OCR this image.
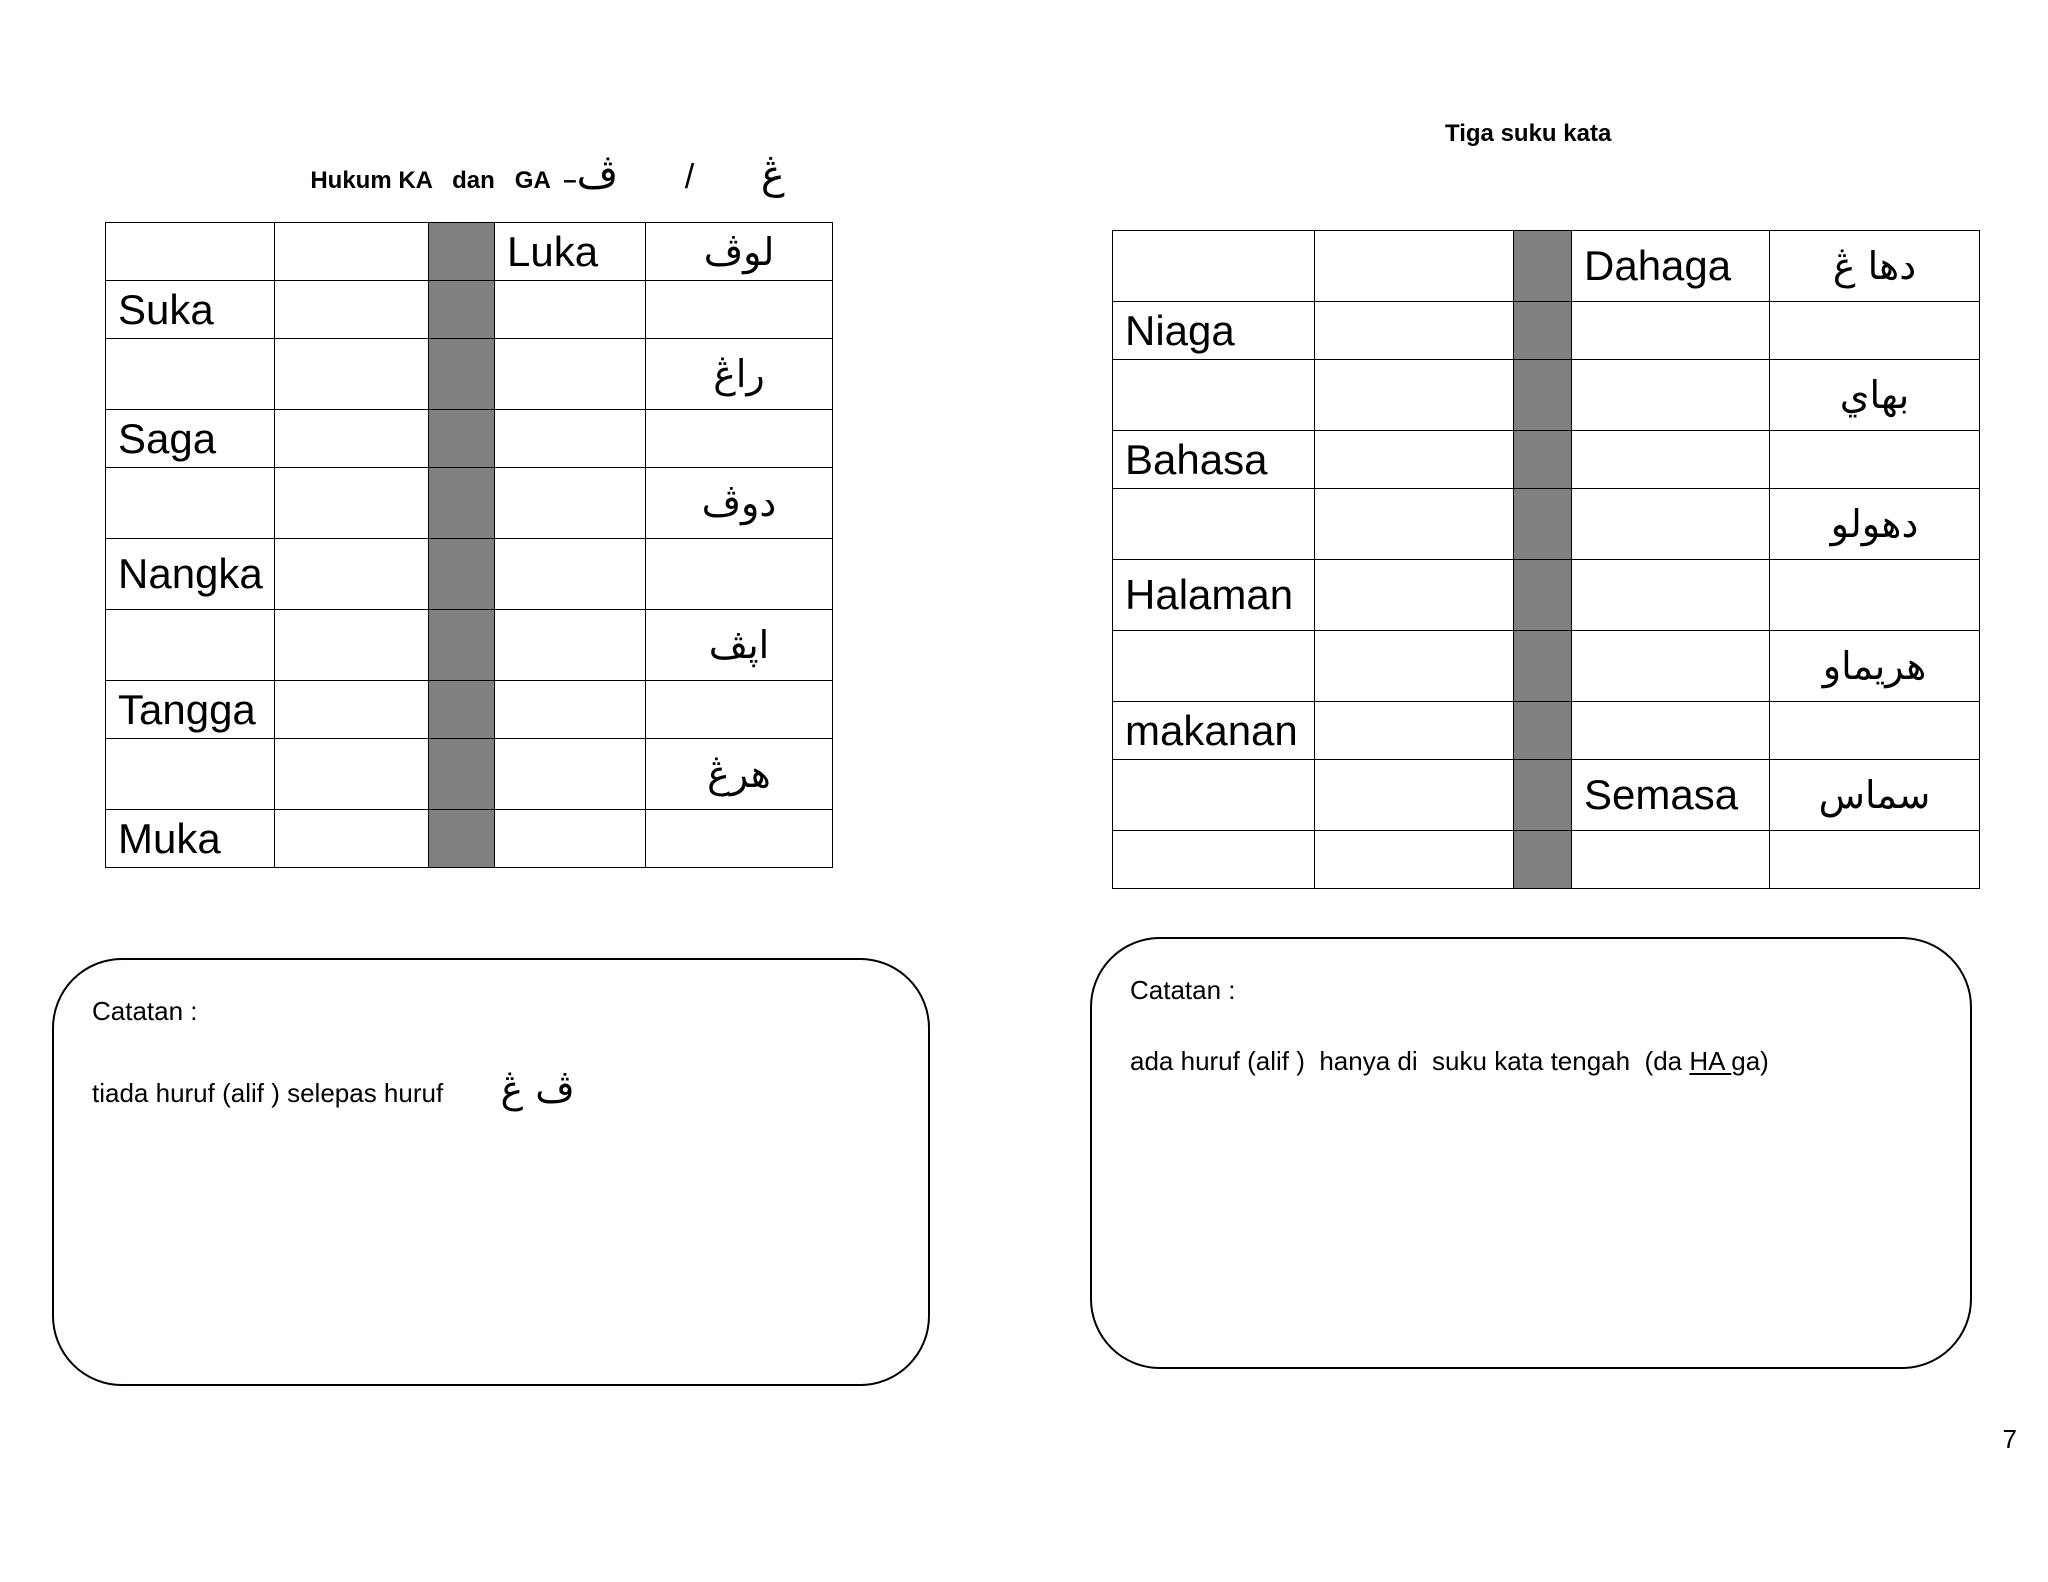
Hukum KA   dan   GA  –	ڠ          /          ڤ

			Luka	لوڤ
Suka				
				راڠ
Saga				
				دوڤ
Nangka				
				اڽڤ
Tangga				
				هرڠ
Muka				
Catatan :
tiada huruf (alif ) selepas huruf ڤ ڠ
Tiga suku kata
			Dahaga	دها ڠ
Niaga				
				بهاي
Bahasa				
				دهولو
Halaman				
				هريماو
makanan				
			Semasa	سماس

Catatan :
ada huruf (alif )  hanya di  suku kata tengah  (da HA ga)
7
